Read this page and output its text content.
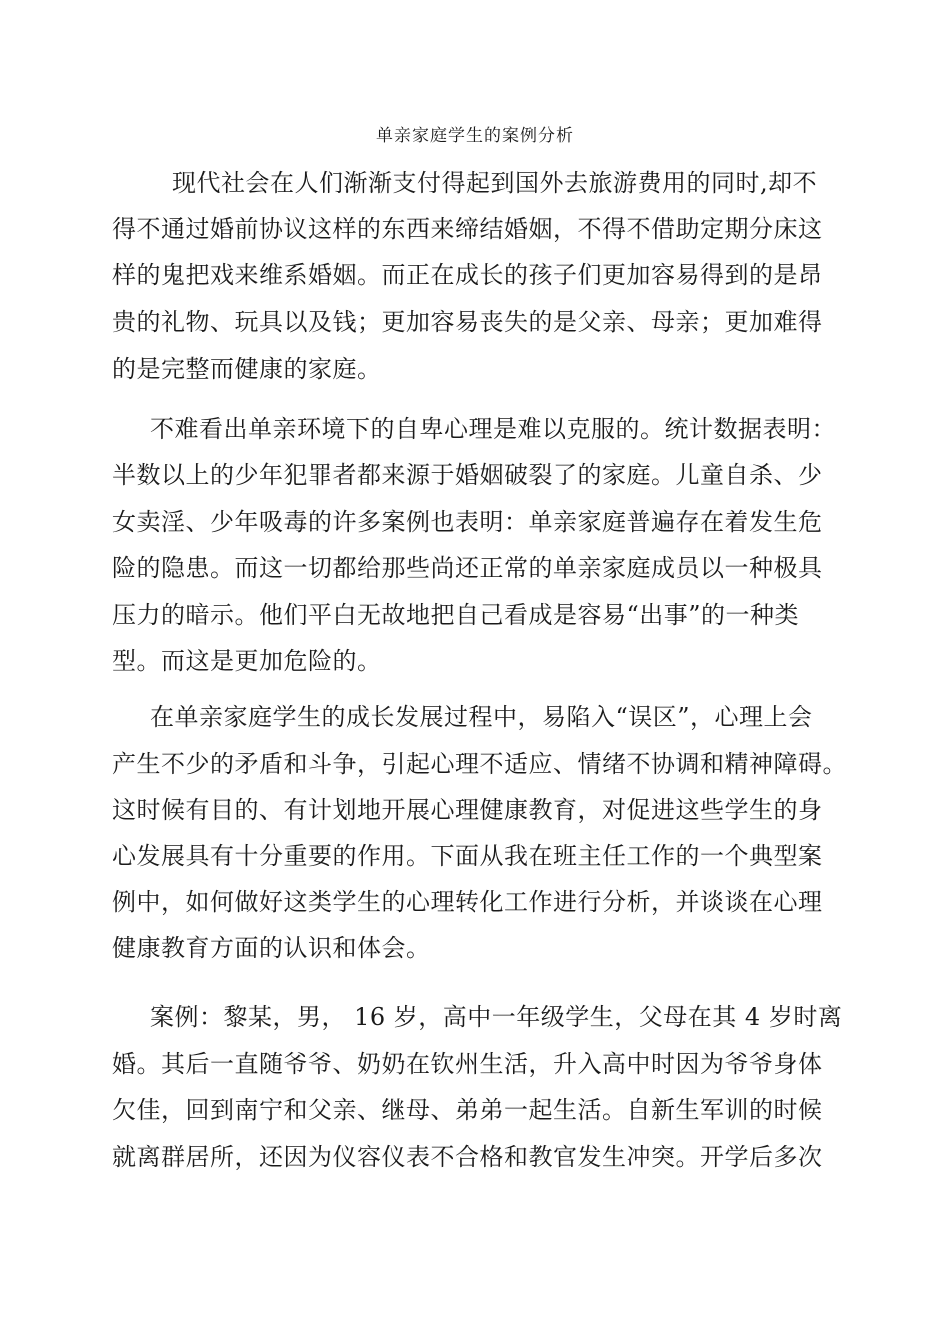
单亲家庭学生的案例分析
现代社会在人们渐渐支付得起到国外去旅游费用的同时,却不
得不通过婚前协议这样的东西来缔结婚姻，不得不借助定期分床这
样的鬼把戏来维系婚姻。而正在成长的孩子们更加容易得到的是昂
贵的礼物、玩具以及钱；更加容易丧失的是父亲、母亲；更加难得
的是完整而健康的家庭。
不难看出单亲环境下的自卑心理是难以克服的。统计数据表明：
半数以上的少年犯罪者都来源于婚姻破裂了的家庭。儿童自杀、少
女卖淫、少年吸毒的许多案例也表明：单亲家庭普遍存在着发生危
险的隐患。而这一切都给那些尚还正常的单亲家庭成员以一种极具
压力的暗示。他们平白无故地把自己看成是容易“出事”的一种类
型。而这是更加危险的。
在单亲家庭学生的成长发展过程中，易陷入“误区”，心理上会
产生不少的矛盾和斗争，引起心理不适应、情绪不协调和精神障碍。
这时候有目的、有计划地开展心理健康教育，对促进这些学生的身
心发展具有十分重要的作用。下面从我在班主任工作的一个典型案
例中，如何做好这类学生的心理转化工作进行分析，并谈谈在心理
健康教育方面的认识和体会。
案例：黎某，男， 16 岁，高中一年级学生，父母在其 4 岁时离
婚。其后一直随爷爷、奶奶在钦州生活，升入高中时因为爷爷身体
欠佳，回到南宁和父亲、继母、弟弟一起生活。自新生军训的时候
就离群居所，还因为仪容仪表不合格和教官发生冲突。开学后多次
